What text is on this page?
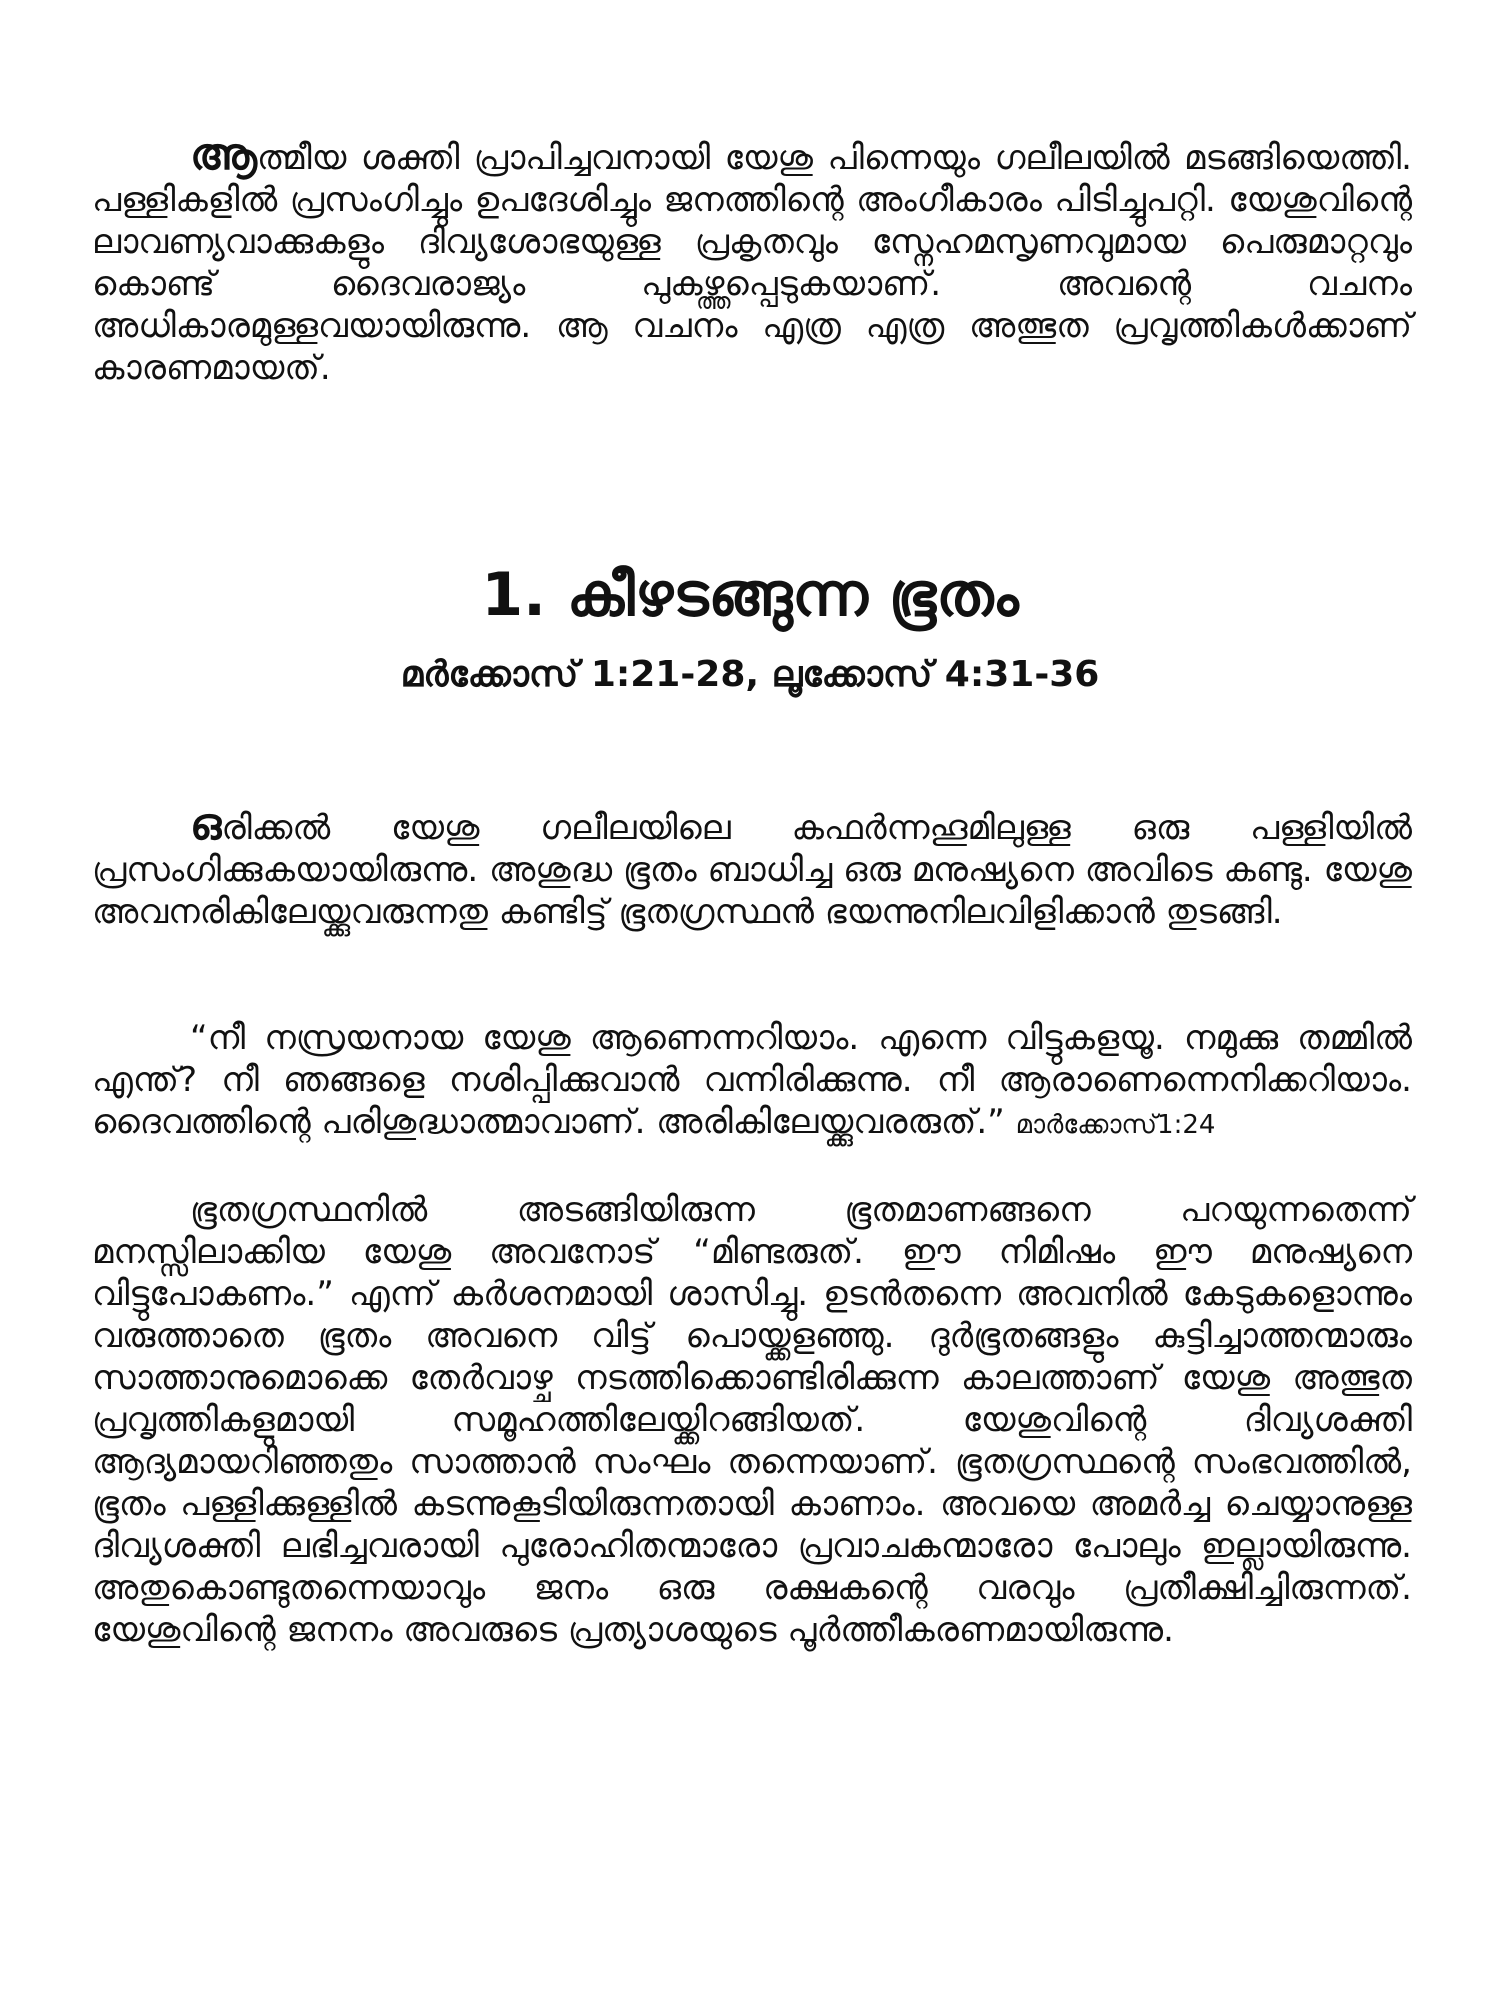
ആത്മീയ ശക്തി പ്രാപിച്ചവനായി യേശു പിന്നെയും ഗലീലയിൽ മടങ്ങിയെത്തി. പള്ളികളിൽ പ്രസംഗിച്ചും ഉപദേശിച്ചും ജനത്തിന്റെ അംഗീകാരം പിടിച്ചുപറ്റി. യേശുവിന്റെ ലാവണ്യവാക്കുകളും ദിവ്യശോഭയുള്ള പ്രകൃതവും സ്നേഹമസൃണവുമായ പെരുമാറ്റവും കൊണ്ട് ദൈവരാജ്യം പുകഴ്ത്തപ്പെടുകയാണ്. അവന്റെ വചനം അധികാരമുള്ളവയായിരുന്നു. ആ വചനം എത്ര എത്ര അത്ഭുത പ്രവൃത്തികൾക്കാണ് കാരണമായത്.

1. കീഴടങ്ങുന്ന ഭൂതം
മർക്കോസ് 1:21-28, ലൂക്കോസ് 4:31-36

ഒരിക്കൽ യേശു ഗലീലയിലെ കഫർന്നഹൂമിലുള്ള ഒരു പള്ളിയിൽ പ്രസംഗിക്കുകയായിരുന്നു. അശുദ്ധ ഭൂതം ബാധിച്ച ഒരു മനുഷ്യനെ അവിടെ കണ്ടു. യേശു അവനരികിലേയ്ക്കുവരുന്നതു കണ്ടിട്ട് ഭൂതഗ്രസ്ഥൻ ഭയന്നുനിലവിളിക്കാൻ തുടങ്ങി.

“നീ നസ്രയനായ യേശു ആണെന്നറിയാം. എന്നെ വിട്ടുകളയൂ. നമുക്കു തമ്മിൽ എന്ത്? നീ ഞങ്ങളെ നശിപ്പിക്കുവാൻ വന്നിരിക്കുന്നു. നീ ആരാണെന്നെനിക്കറിയാം. ദൈവത്തിന്റെ പരിശുദ്ധാത്മാവാണ്. അരികിലേയ്ക്കുവരരുത്.” മാർക്കോസ്1:24

ഭൂതഗ്രസ്ഥനിൽ അടങ്ങിയിരുന്ന ഭൂതമാണങ്ങനെ പറയുന്നതെന്ന് മനസ്സിലാക്കിയ യേശു അവനോട് “മിണ്ടരുത്. ഈ നിമിഷം ഈ മനുഷ്യനെ വിട്ടുപോകണം.” എന്ന് കർശനമായി ശാസിച്ചു. ഉടൻതന്നെ അവനിൽ കേടുകളൊന്നും വരുത്താതെ ഭൂതം അവനെ വിട്ട് പൊയ്ക്കളഞ്ഞു. ദുർഭൂതങ്ങളും കുട്ടിച്ചാത്തന്മാരും സാത്താനുമൊക്കെ തേർവാഴ്ച നടത്തിക്കൊണ്ടിരിക്കുന്ന കാലത്താണ് യേശു അത്ഭുത പ്രവൃത്തികളുമായി സമൂഹത്തിലേയ്ക്കിറങ്ങിയത്. യേശുവിന്റെ ദിവ്യശക്തി ആദ്യമായറിഞ്ഞതും സാത്താൻ സംഘം തന്നെയാണ്. ഭൂതഗ്രസ്ഥന്റെ സംഭവത്തിൽ, ഭൂതം പള്ളിക്കുള്ളിൽ കടന്നുകൂടിയിരുന്നതായി കാണാം. അവയെ അമർച്ച ചെയ്യാനുള്ള ദിവ്യശക്തി ലഭിച്ചവരായി പുരോഹിതന്മാരോ പ്രവാചകന്മാരോ പോലും ഇല്ലായിരുന്നു. അതുകൊണ്ടുതന്നെയാവും ജനം ഒരു രക്ഷകന്റെ വരവും പ്രതീക്ഷിച്ചിരുന്നത്. യേശുവിന്റെ ജനനം അവരുടെ പ്രത്യാശയുടെ പൂർത്തീകരണമായിരുന്നു.
